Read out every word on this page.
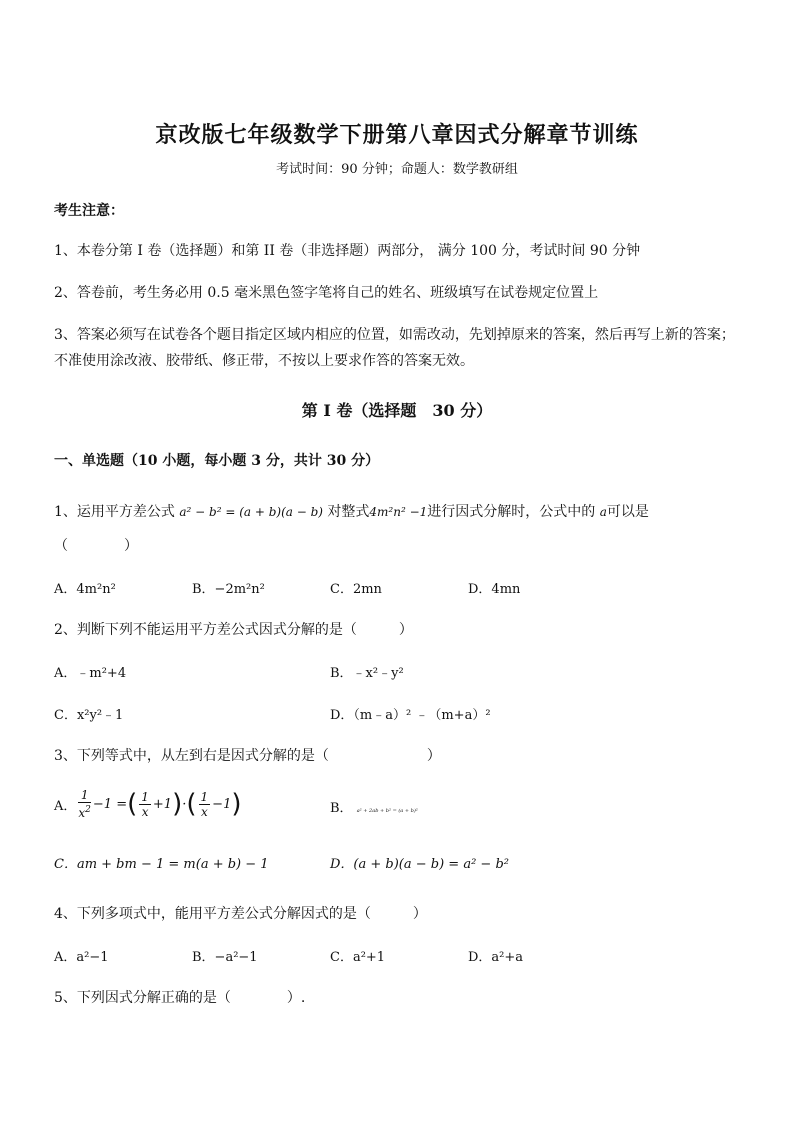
京改版七年级数学下册第八章因式分解章节训练
考试时间：90 分钟；命题人：数学教研组
考生注意：
1、本卷分第 I 卷（选择题）和第 II 卷（非选择题）两部分， 满分 100 分，考试时间 90 分钟
2、答卷前，考生务必用 0.5 毫米黑色签字笔将自己的姓名、班级填写在试卷规定位置上
3、答案必须写在试卷各个题目指定区域内相应的位置，如需改动，先划掉原来的答案，然后再写上新的答案；不准使用涂改液、胶带纸、修正带，不按以上要求作答的答案无效。
第 I 卷（选择题　30 分）
一、单选题（10 小题，每小题 3 分，共计 30 分）
1、运用平方差公式 a² − b² = (a + b)(a − b) 对整式4m²n² −1进行因式分解时，公式中的 a可以是
（　　　　）
A．4m²n²	B．−2m²n²	C．2mn	D．4mn
2、判断下列不能运用平方差公式因式分解的是（　　　）
A．﹣m²+4	B．﹣x²﹣y²
C．x²y²﹣1	D．（m﹣a）² ﹣（m+a）²
3、下列等式中，从左到右是因式分解的是（　　　　　　　）
A． $\frac{1}{x^2} -1$ = ( $\frac{1}{x} +1$ ) · ( $\frac{1}{x} -1$ )	B． a² + 2ab + b² = (a + b)²
C．am + bm − 1 = m(a + b) − 1	D．(a + b)(a − b) = a² − b²
4、下列多项式中，能用平方差公式分解因式的是（　　　）
A．a²−1	B．−a²−1	C．a²+1	D．a²+a
5、下列因式分解正确的是（　　　　）.
